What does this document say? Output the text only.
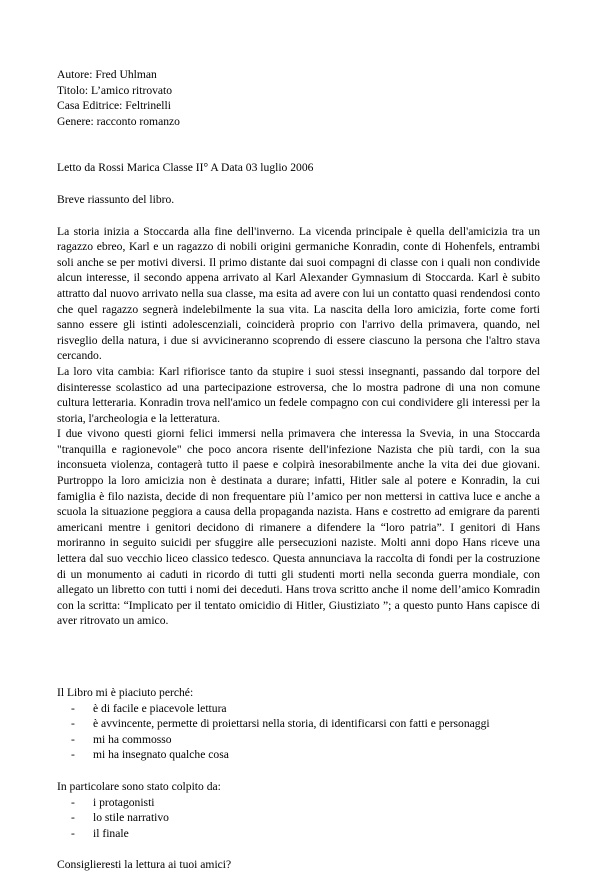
Autore: Fred Uhlman

Titolo: L’amico ritrovato

Casa Editrice: Feltrinelli

Genere: racconto romanzo

Letto da Rossi Marica Classe II° A Data 03 luglio 2006

Breve riassunto del libro.

La storia inizia a Stoccarda alla fine dell'inverno. La vicenda principale è quella dell'amicizia tra un ragazzo ebreo, Karl e un ragazzo di nobili origini germaniche Konradin, conte di Hohenfels, entrambi soli anche se per motivi diversi. Il primo distante dai suoi compagni di classe con i quali non condivide alcun interesse, il secondo appena arrivato al Karl Alexander Gymnasium di Stoccarda. Karl è subito attratto dal nuovo arrivato nella sua classe, ma esita ad avere con lui un contatto quasi rendendosi conto che quel ragazzo segnerà indelebilmente la sua vita. La nascita della loro amicizia, forte come forti sanno essere gli istinti adolescenziali, coinciderà proprio con l'arrivo della primavera, quando, nel risveglio della natura, i due si avvicineranno scoprendo di essere ciascuno la persona che l'altro stava cercando.

La loro vita cambia: Karl rifiorisce tanto da stupire i suoi stessi insegnanti, passando dal torpore del disinteresse scolastico ad una partecipazione estroversa, che lo mostra padrone di una non comune cultura letteraria. Konradin trova nell'amico un fedele compagno con cui condividere gli interessi per la storia, l'archeologia e la letteratura.

I due vivono questi giorni felici immersi nella primavera che interessa la Svevia, in una Stoccarda "tranquilla e ragionevole" che poco ancora risente dell'infezione Nazista che più tardi, con la sua inconsueta violenza, contagerà tutto il paese e colpirà inesorabilmente anche la vita dei due giovani. Purtroppo la loro amicizia non è destinata a durare; infatti, Hitler sale al potere e Konradin, la cui famiglia è filo nazista, decide di non frequentare più l’amico per non mettersi in cattiva luce e anche a scuola la situazione peggiora a causa della propaganda nazista. Hans e costretto ad emigrare da parenti americani mentre i genitori decidono di rimanere a difendere la “loro patria”. I genitori di Hans moriranno in seguito suicidi per sfuggire alle persecuzioni naziste. Molti anni dopo Hans riceve una lettera dal suo vecchio liceo classico tedesco. Questa annunciava la raccolta di fondi per la costruzione di un monumento ai caduti in ricordo di tutti gli studenti morti nella seconda guerra mondiale, con allegato un libretto con tutti i nomi dei deceduti. Hans trova scritto anche il nome dell’amico Komradin con la scritta: “Implicato per il tentato omicidio di Hitler, Giustiziato ”; a questo punto Hans capisce di aver ritrovato un amico.

Il Libro mi è piaciuto perché:

- è di facile e piacevole lettura
- è avvincente, permette di proiettarsi nella storia, di identificarsi con fatti e personaggi
- mi ha commosso
- mi ha insegnato qualche cosa

In particolare sono stato colpito da:

- i protagonisti
- lo stile narrativo
- il finale

Consiglieresti la lettura ai tuoi amici?
